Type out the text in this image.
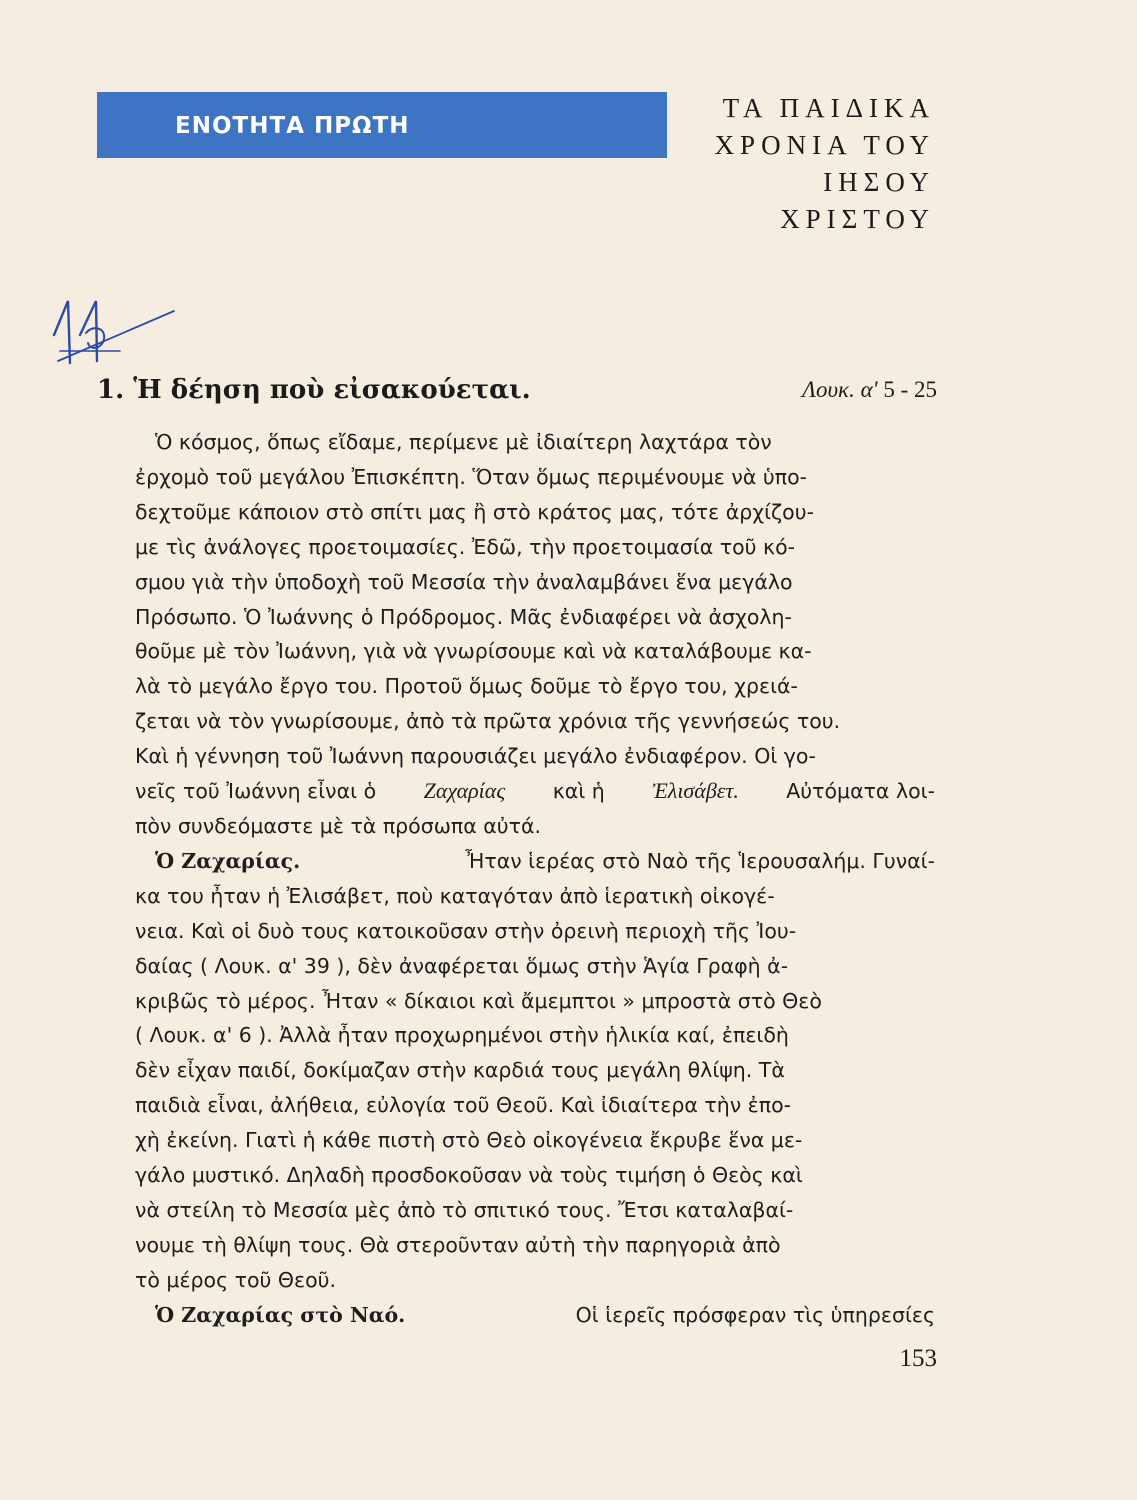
ΕΝΟΤΗΤΑ ΠΡΩΤΗ
ΤΑ ΠΑΙΔΙΚΑ
ΧΡΟΝΙΑ ΤΟΥ
ΙΗΣΟΥ
ΧΡΙΣΤΟΥ
1. Ἡ δέηση ποὺ εἰσακούεται.	Λουκ. α' 5 - 25
Ὁ κόσμος, ὅπως εἴδαμε, περίμενε μὲ ἰδιαίτερη λαχτάρα τὸν
ἐρχομὸ τοῦ μεγάλου Ἐπισκέπτη. Ὅταν ὅμως περιμένουμε νὰ ὑπο-
δεχτοῦμε κάποιον στὸ σπίτι μας ἢ στὸ κράτος μας, τότε ἀρχίζου-
με τὶς ἀνάλογες προετοιμασίες. Ἐδῶ, τὴν προετοιμασία τοῦ κό-
σμου γιὰ τὴν ὑποδοχὴ τοῦ Μεσσία τὴν ἀναλαμβάνει ἕνα μεγάλο
Πρόσωπο. Ὁ Ἰωάννης ὁ Πρόδρομος. Μᾶς ἐνδιαφέρει νὰ ἀσχολη-
θοῦμε μὲ τὸν Ἰωάννη, γιὰ νὰ γνωρίσουμε καὶ νὰ καταλάβουμε κα-
λὰ τὸ μεγάλο ἔργο του. Προτοῦ ὅμως δοῦμε τὸ ἔργο του, χρειά-
ζεται νὰ τὸν γνωρίσουμε, ἀπὸ τὰ πρῶτα χρόνια τῆς γεννήσεώς του.
Καὶ ἡ γέννηση τοῦ Ἰωάννη παρουσιάζει μεγάλο ἐνδιαφέρον. Οἱ γο-
νεῖς τοῦ Ἰωάννη εἶναι ὁ Ζαχαρίας καὶ ἡ Ἐλισάβετ. Αὐτόματα λοι-
πὸν συνδεόμαστε μὲ τὰ πρόσωπα αὐτά.
Ὁ Ζαχαρίας.	Ἦταν ἱερέας στὸ Ναὸ τῆς Ἱερουσαλήμ. Γυναί-
κα του ἦταν ἡ Ἐλισάβετ, ποὺ καταγόταν ἀπὸ ἱερατικὴ οἰκογέ-
νεια. Καὶ οἱ δυὸ τους κατοικοῦσαν στὴν ὀρεινὴ περιοχὴ τῆς Ἰου-
δαίας ( Λουκ. α' 39 ), δὲν ἀναφέρεται ὅμως στὴν Ἁγία Γραφὴ ἀ-
κριβῶς τὸ μέρος. Ἦταν « δίκαιοι καὶ ἄμεμπτοι » μπροστὰ στὸ Θεὸ
( Λουκ. α' 6 ). Ἀλλὰ ἦταν προχωρημένοι στὴν ἡλικία καί, ἐπειδὴ
δὲν εἶχαν παιδί, δοκίμαζαν στὴν καρδιά τους μεγάλη θλίψη. Τὰ
παιδιὰ εἶναι, ἀλήθεια, εὐλογία τοῦ Θεοῦ. Καὶ ἰδιαίτερα τὴν ἐπο-
χὴ ἐκείνη. Γιατὶ ἡ κάθε πιστὴ στὸ Θεὸ οἰκογένεια ἔκρυβε ἕνα με-
γάλο μυστικό. Δηλαδὴ προσδοκοῦσαν νὰ τοὺς τιμήση ὁ Θεὸς καὶ
νὰ στείλη τὸ Μεσσία μὲς ἀπὸ τὸ σπιτικό τους. Ἔτσι καταλαβαί-
νουμε τὴ θλίψη τους. Θὰ στεροῦνταν αὐτὴ τὴν παρηγοριὰ ἀπὸ
τὸ μέρος τοῦ Θεοῦ.
Ὁ Ζαχαρίας στὸ Ναό.	Οἱ ἱερεῖς πρόσφεραν τὶς ὑπηρεσίες
153
